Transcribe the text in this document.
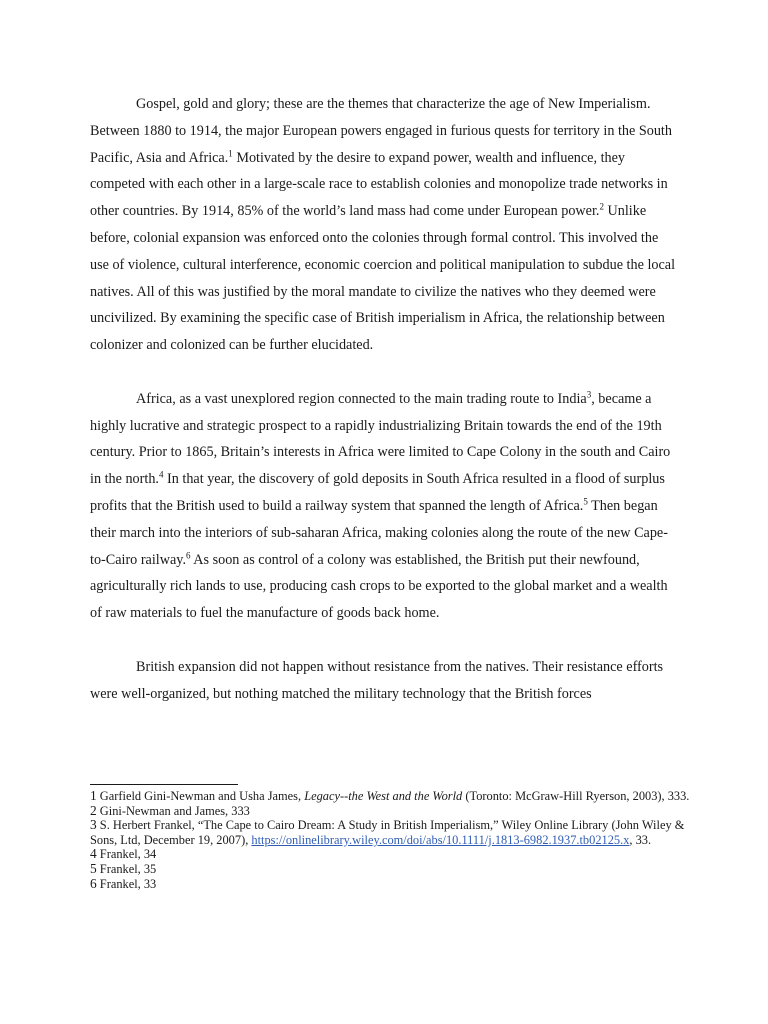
Gospel, gold and glory; these are the themes that characterize the age of New Imperialism. Between 1880 to 1914, the major European powers engaged in furious quests for territory in the South Pacific, Asia and Africa.$^1$ Motivated by the desire to expand power, wealth and influence, they competed with each other in a large-scale race to establish colonies and monopolize trade networks in other countries. By 1914, 85% of the world’s land mass had come under European power.$^2$ Unlike before, colonial expansion was enforced onto the colonies through formal control. This involved the use of violence, cultural interference, economic coercion and political manipulation to subdue the local natives. All of this was justified by the moral mandate to civilize the natives who they deemed were uncivilized. By examining the specific case of British imperialism in Africa, the relationship between colonizer and colonized can be further elucidated.

Africa, as a vast unexplored region connected to the main trading route to India$^3$, became a highly lucrative and strategic prospect to a rapidly industrializing Britain towards the end of the 19th century. Prior to 1865, Britain’s interests in Africa were limited to Cape Colony in the south and Cairo in the north.$^4$ In that year, the discovery of gold deposits in South Africa resulted in a flood of surplus profits that the British used to build a railway system that spanned the length of Africa.$^5$ Then began their march into the interiors of sub-saharan Africa, making colonies along the route of the new Cape-to-Cairo railway.$^6$ As soon as control of a colony was established, the British put their newfound, agriculturally rich lands to use, producing cash crops to be exported to the global market and a wealth of raw materials to fuel the manufacture of goods back home.

British expansion did not happen without resistance from the natives. Their resistance efforts were well-organized, but nothing matched the military technology that the British forces

1 Garfield Gini-Newman and Usha James, Legacy--the West and the World (Toronto: McGraw-Hill Ryerson, 2003), 333.

2 Gini-Newman and James, 333

3 S. Herbert Frankel, “The Cape to Cairo Dream: A Study in British Imperialism,” Wiley Online Library (John Wiley & Sons, Ltd, December 19, 2007), https://onlinelibrary.wiley.com/doi/abs/10.1111/j.1813-6982.1937.tb02125.x, 33.

4 Frankel, 34

5 Frankel, 35

6 Frankel, 33
